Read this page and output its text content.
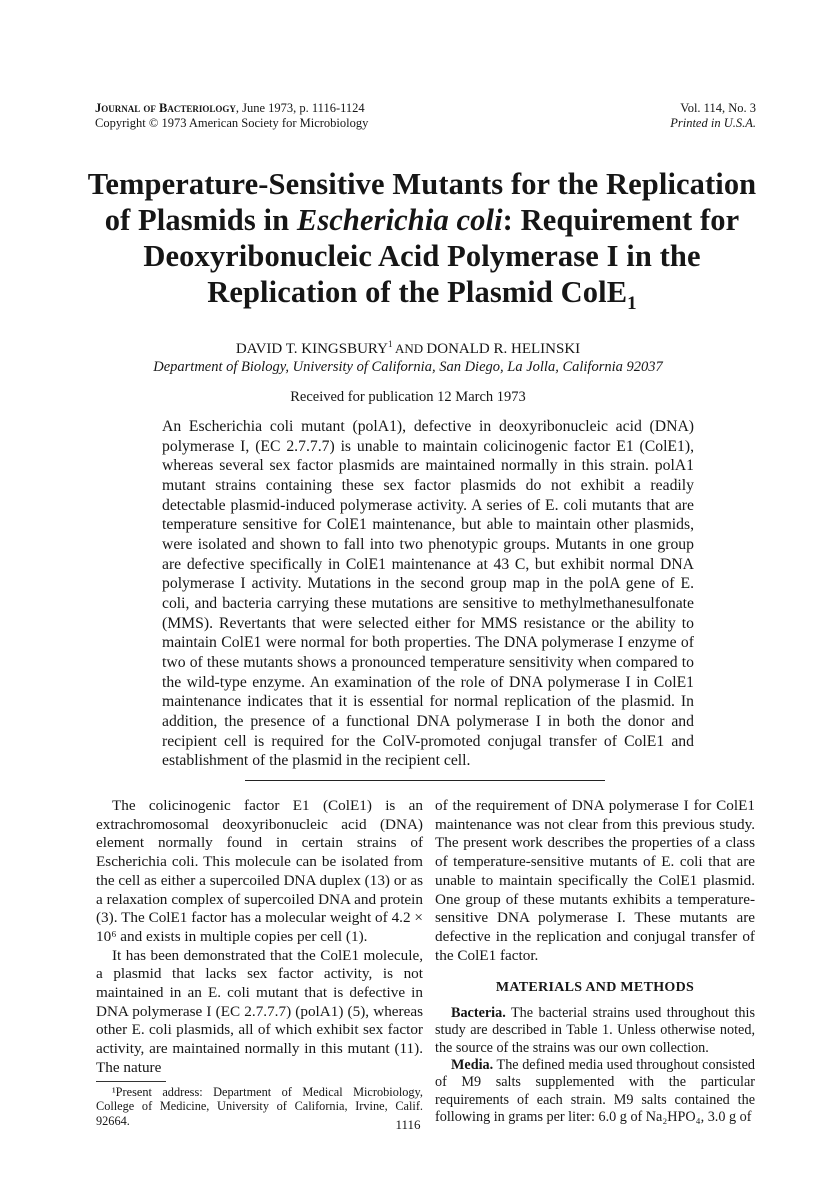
Journal of Bacteriology, June 1973, p. 1116-1124
Copyright © 1973 American Society for Microbiology
Vol. 114, No. 3
Printed in U.S.A.
Temperature-Sensitive Mutants for the Replication of Plasmids in Escherichia coli: Requirement for Deoxyribonucleic Acid Polymerase I in the Replication of the Plasmid ColE$_1$
DAVID T. KINGSBURY$^1$ AND DONALD R. HELINSKI
Department of Biology, University of California, San Diego, La Jolla, California 92037
Received for publication 12 March 1973

An Escherichia coli mutant (polA1), defective in deoxyribonucleic acid (DNA) polymerase I, (EC 2.7.7.7) is unable to maintain colicinogenic factor E1 (ColE1), whereas several sex factor plasmids are maintained normally in this strain. polA1 mutant strains containing these sex factor plasmids do not exhibit a readily detectable plasmid-induced polymerase activity. A series of E. coli mutants that are temperature sensitive for ColE1 maintenance, but able to maintain other plasmids, were isolated and shown to fall into two phenotypic groups. Mutants in one group are defective specifically in ColE1 maintenance at 43 C, but exhibit normal DNA polymerase I activity. Mutations in the second group map in the polA gene of E. coli, and bacteria carrying these mutations are sensitive to methylmethanesulfonate (MMS). Revertants that were selected either for MMS resistance or the ability to maintain ColE1 were normal for both properties. The DNA polymerase I enzyme of two of these mutants shows a pronounced temperature sensitivity when compared to the wild-type enzyme. An examination of the role of DNA polymerase I in ColE1 maintenance indicates that it is essential for normal replication of the plasmid. In addition, the presence of a functional DNA polymerase I in both the donor and recipient cell is required for the ColV-promoted conjugal transfer of ColE1 and establishment of the plasmid in the recipient cell.

The colicinogenic factor E1 (ColE1) is an extrachromosomal deoxyribonucleic acid (DNA) element normally found in certain strains of Escherichia coli. This molecule can be isolated from the cell as either a supercoiled DNA duplex (13) or as a relaxation complex of supercoiled DNA and protein (3). The ColE1 factor has a molecular weight of 4.2 × 10⁶ and exists in multiple copies per cell (1).

It has been demonstrated that the ColE1 molecule, a plasmid that lacks sex factor activity, is not maintained in an E. coli mutant that is defective in DNA polymerase I (EC 2.7.7.7) (polA1) (5), whereas other E. coli plasmids, all of which exhibit sex factor activity, are maintained normally in this mutant (11). The nature

¹Present address: Department of Medical Microbiology, College of Medicine, University of California, Irvine, Calif. 92664.

of the requirement of DNA polymerase I for ColE1 maintenance was not clear from this previous study. The present work describes the properties of a class of temperature-sensitive mutants of E. coli that are unable to maintain specifically the ColE1 plasmid. One group of these mutants exhibits a temperature-sensitive DNA polymerase I. These mutants are defective in the replication and conjugal transfer of the ColE1 factor.

MATERIALS AND METHODS

Bacteria. The bacterial strains used throughout this study are described in Table 1. Unless otherwise noted, the source of the strains was our own collection.

Media. The defined media used throughout consisted of M9 salts supplemented with the particular requirements of each strain. M9 salts contained the following in grams per liter: 6.0 g of Na₂HPO₄, 3.0 g of

1116
